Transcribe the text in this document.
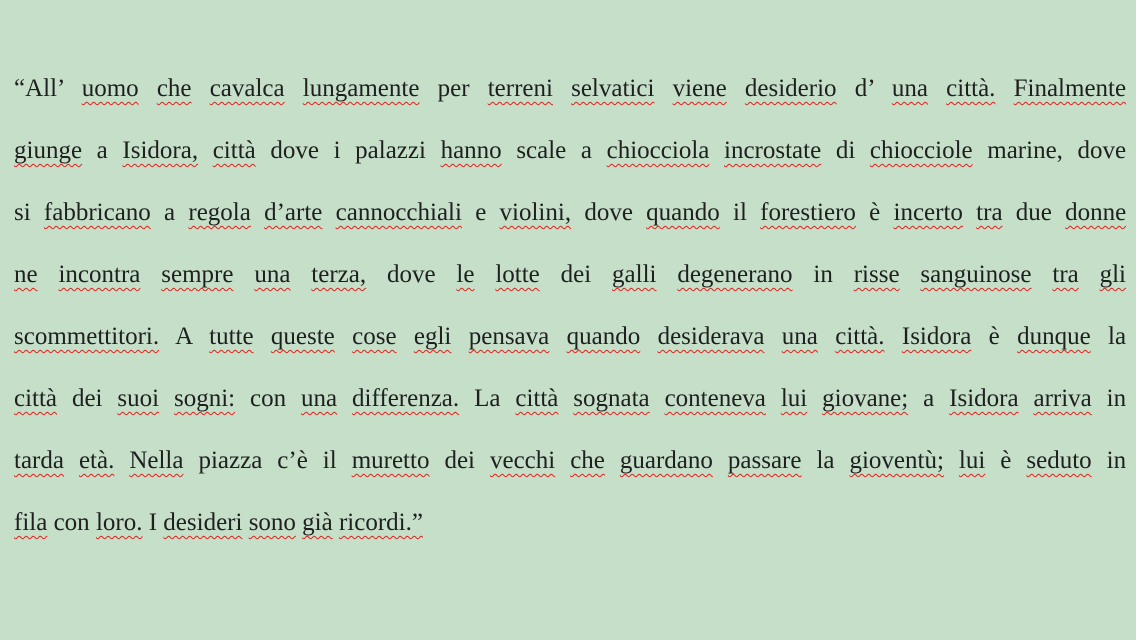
“All’ uomo che cavalca lungamente per terreni selvatici viene desiderio d’ una città. Finalmente
giunge a Isidora, città dove i palazzi hanno scale a chiocciola incrostate di chiocciole marine, dove
si fabbricano a regola d’arte cannocchiali e violini, dove quando il forestiero è incerto tra due donne
ne incontra sempre una terza, dove le lotte dei galli degenerano in risse sanguinose tra gli
scommettitori. A tutte queste cose egli pensava quando desiderava una città. Isidora è dunque la
città dei suoi sogni: con una differenza. La città sognata conteneva lui giovane; a Isidora arriva in
tarda età. Nella piazza c’è il muretto dei vecchi che guardano passare la gioventù; lui è seduto in
fila con loro. I desideri sono già ricordi.”
